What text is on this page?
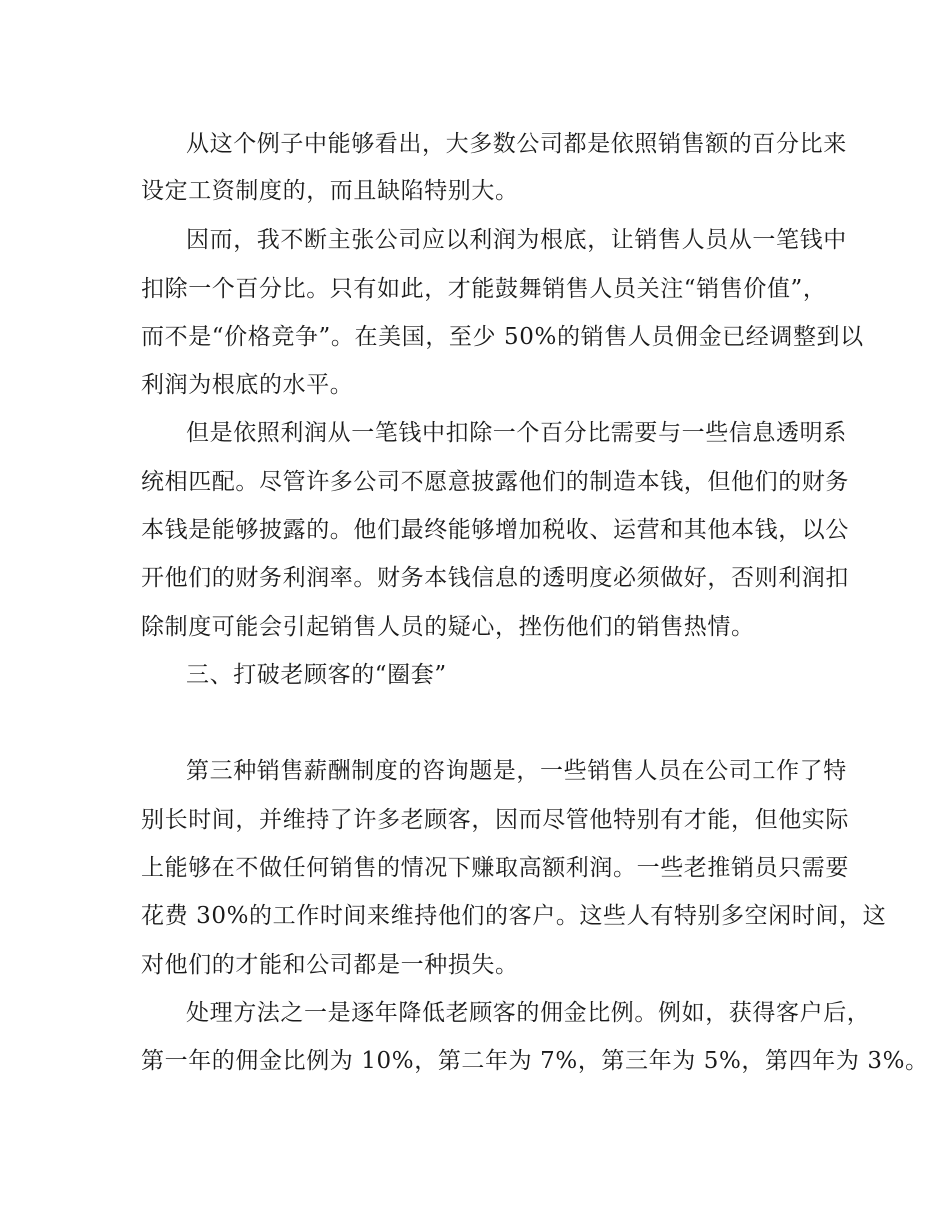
从这个例子中能够看出，大多数公司都是依照销售额的百分比来
设定工资制度的，而且缺陷特别大。
因而，我不断主张公司应以利润为根底，让销售人员从一笔钱中
扣除一个百分比。只有如此，才能鼓舞销售人员关注“销售价值”，
而不是“价格竞争”。在美国，至少 50%的销售人员佣金已经调整到以
利润为根底的水平。
但是依照利润从一笔钱中扣除一个百分比需要与一些信息透明系
统相匹配。尽管许多公司不愿意披露他们的制造本钱，但他们的财务
本钱是能够披露的。他们最终能够增加税收、运营和其他本钱，以公
开他们的财务利润率。财务本钱信息的透明度必须做好，否则利润扣
除制度可能会引起销售人员的疑心，挫伤他们的销售热情。
三、打破老顾客的“圈套”
第三种销售薪酬制度的咨询题是，一些销售人员在公司工作了特
别长时间，并维持了许多老顾客，因而尽管他特别有才能，但他实际
上能够在不做任何销售的情况下赚取高额利润。一些老推销员只需要
花费 30%的工作时间来维持他们的客户。这些人有特别多空闲时间，这
对他们的才能和公司都是一种损失。
处理方法之一是逐年降低老顾客的佣金比例。例如，获得客户后，
第一年的佣金比例为 10%，第二年为 7%，第三年为 5%，第四年为 3%。
